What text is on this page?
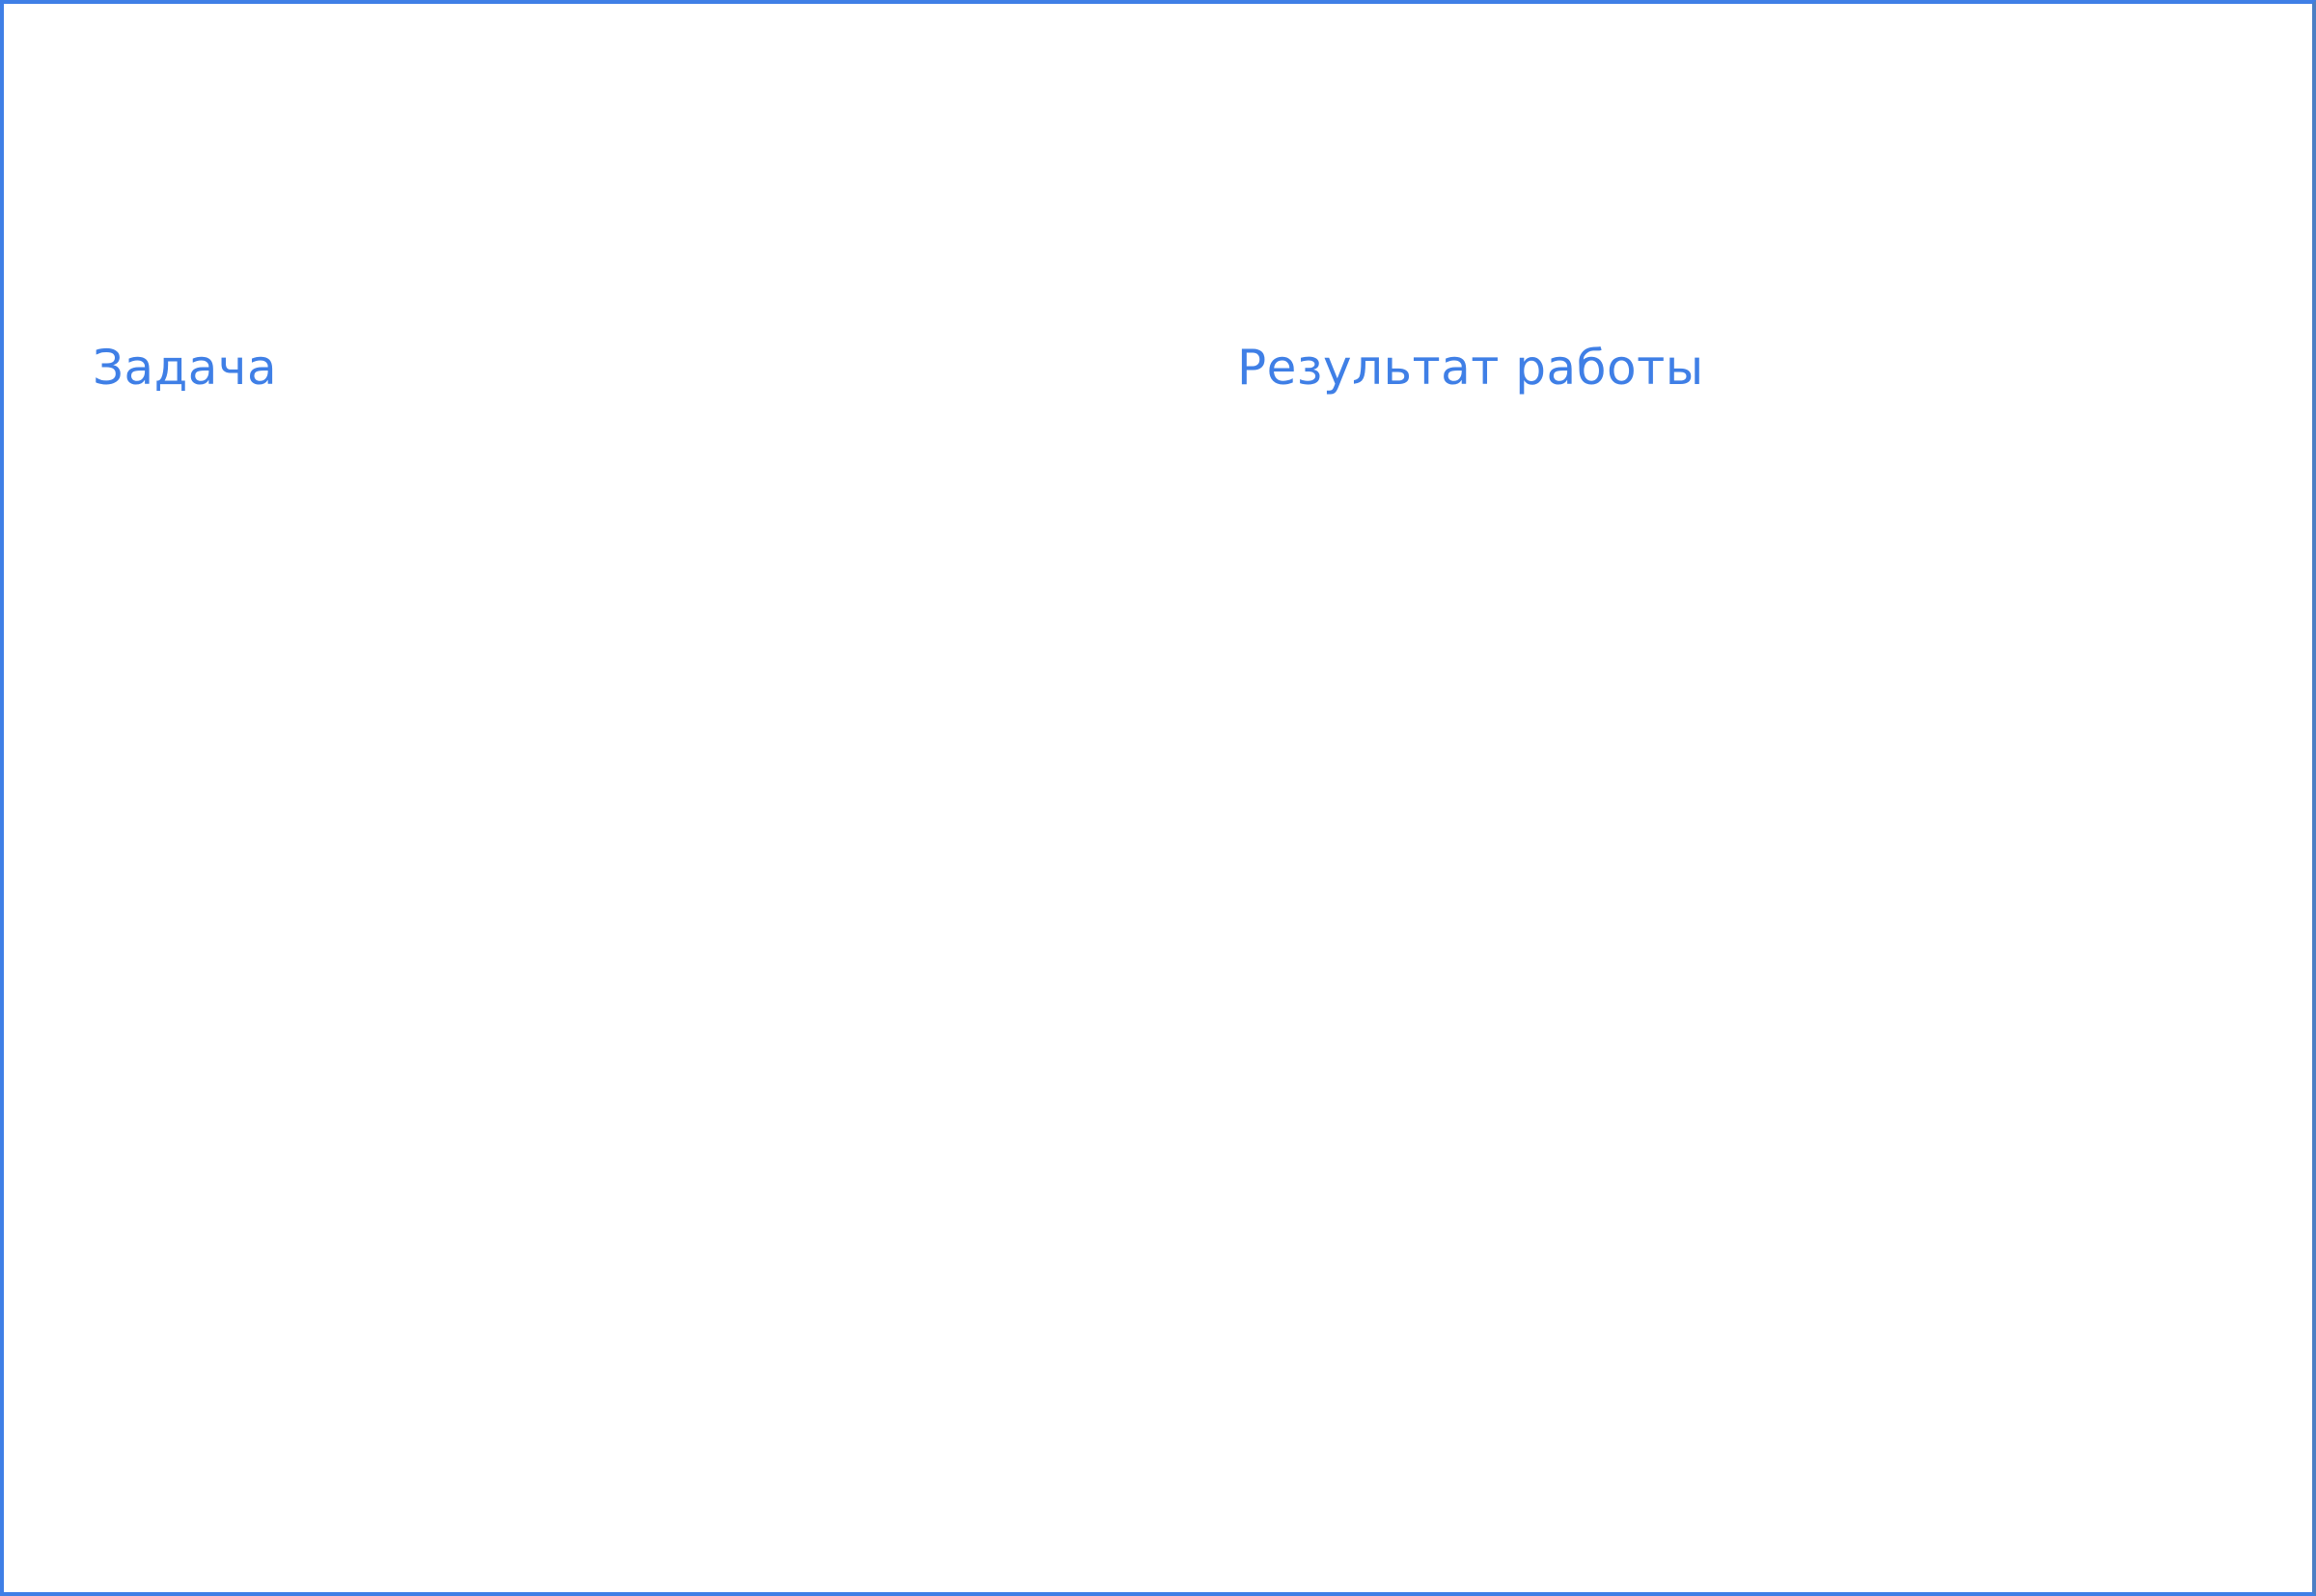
Задача	Результат работы
